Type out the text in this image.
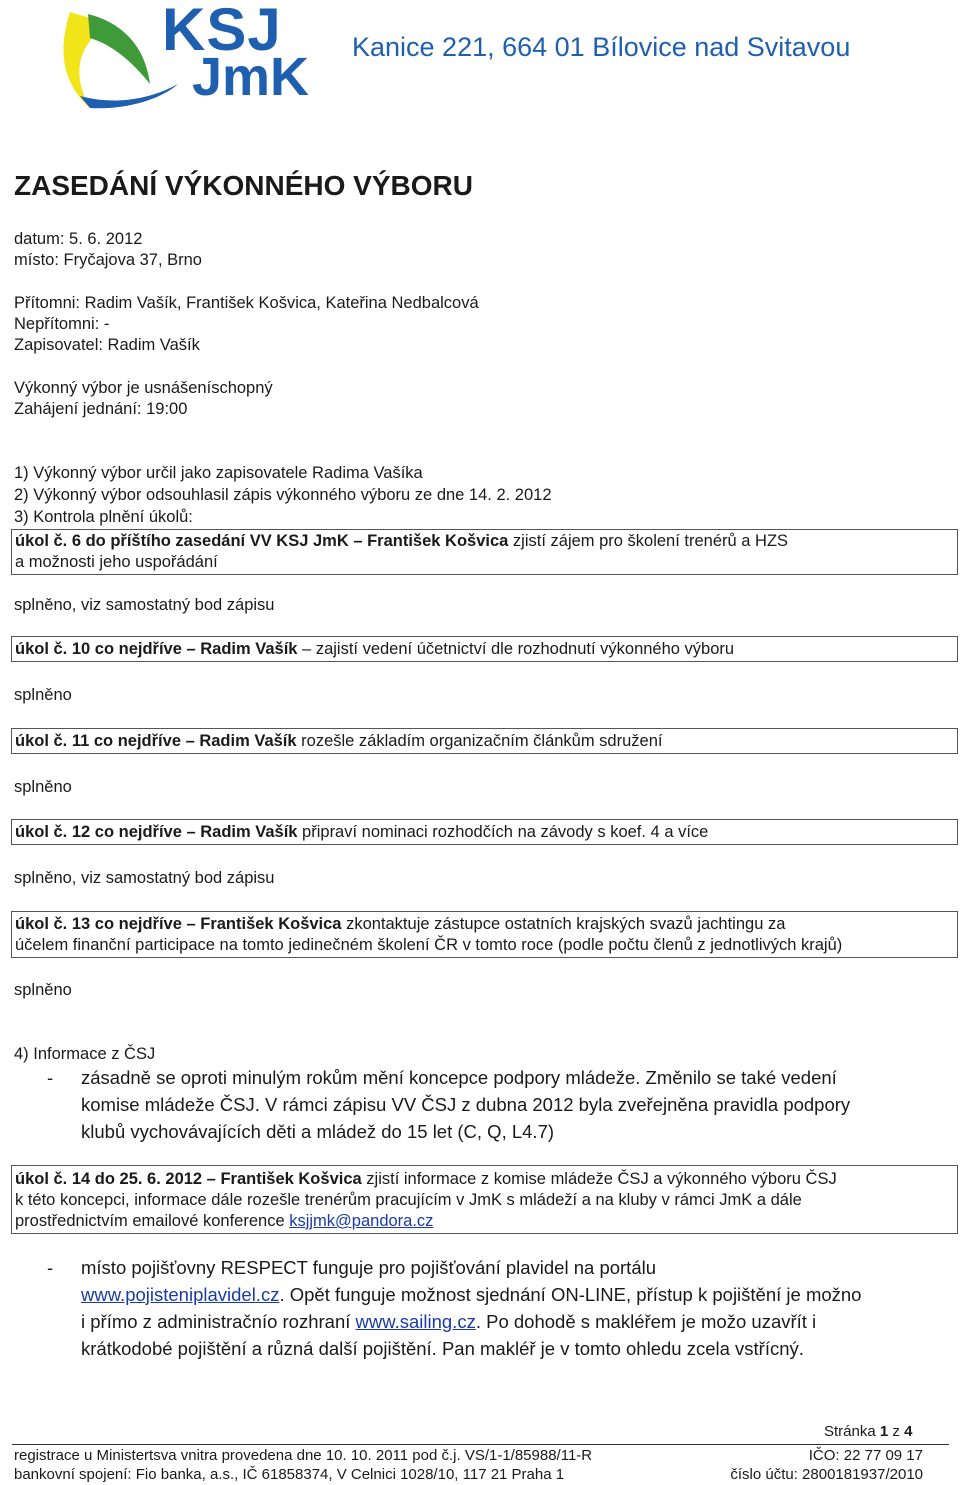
KSJ
JmK Kanice 221, 664 01 Bílovice nad Svitavou
ZASEDÁNÍ VÝKONNÉHO VÝBORU
datum: 5. 6. 2012
místo: Fryčajova 37, Brno
Přítomni: Radim Vašík, František Košvica, Kateřina Nedbalcová
Nepřítomni: -
Zapisovatel: Radim Vašík
Výkonný výbor je usnášeníschopný
Zahájení jednání: 19:00
1) Výkonný výbor určil jako zapisovatele Radima Vašíka
2) Výkonný výbor odsouhlasil zápis výkonného výboru ze dne 14. 2. 2012
3) Kontrola plnění úkolů:
úkol č. 6 do příštího zasedání VV KSJ JmK – František Košvica zjistí zájem pro školení trenérů a HZS
a možnosti jeho uspořádání
splněno, viz samostatný bod zápisu
úkol č. 10 co nejdříve – Radim Vašík – zajistí vedení účetnictví dle rozhodnutí výkonného výboru
splněno
úkol č. 11 co nejdříve – Radim Vašík rozešle základím organizačním článkům sdružení
splněno
úkol č. 12 co nejdříve – Radim Vašík připraví nominaci rozhodčích na závody s koef. 4 a více
splněno, viz samostatný bod zápisu
úkol č. 13 co nejdříve – František Košvica zkontaktuje zástupce ostatních krajských svazů jachtingu za
účelem finanční participace na tomto jedinečném školení ČR v tomto roce (podle počtu členů z jednotlivých krajů)
splněno
4) Informace z ČSJ
- zásadně se oproti minulým rokům mění koncepce podpory mládeže. Změnilo se také vedení
komise mládeže ČSJ. V rámci zápisu VV ČSJ z dubna 2012 byla zveřejněna pravidla podpory
klubů vychovávajících děti a mládež do 15 let (C, Q, L4.7)
úkol č. 14 do 25. 6. 2012 – František Košvica zjistí informace z komise mládeže ČSJ a výkonného výboru ČSJ
k této koncepci, informace dále rozešle trenérům pracujícím v JmK s mládeží a na kluby v rámci JmK a dále
prostřednictvím emailové konference ksjjmk@pandora.cz
- místo pojišťovny RESPECT funguje pro pojišťování plavidel na portálu
www.pojisteniplavidel.cz. Opět funguje možnost sjednání ON-LINE, přístup k pojištění je možno
i přímo z administračnío rozhraní www.sailing.cz. Po dohodě s makléřem je možo uzavřít i
krátkodobé pojištění a různá další pojištění. Pan makléř je v tomto ohledu zcela vstřícný.
Stránka 1 z 4
registrace u Ministertsva vnitra provedena dne 10. 10. 2011 pod č.j. VS/1-1/85988/11-R	IČO: 22 77 09 17
bankovní spojení: Fio banka, a.s., IČ 61858374, V Celnici 1028/10, 117 21 Praha 1	číslo účtu: 2800181937/2010
